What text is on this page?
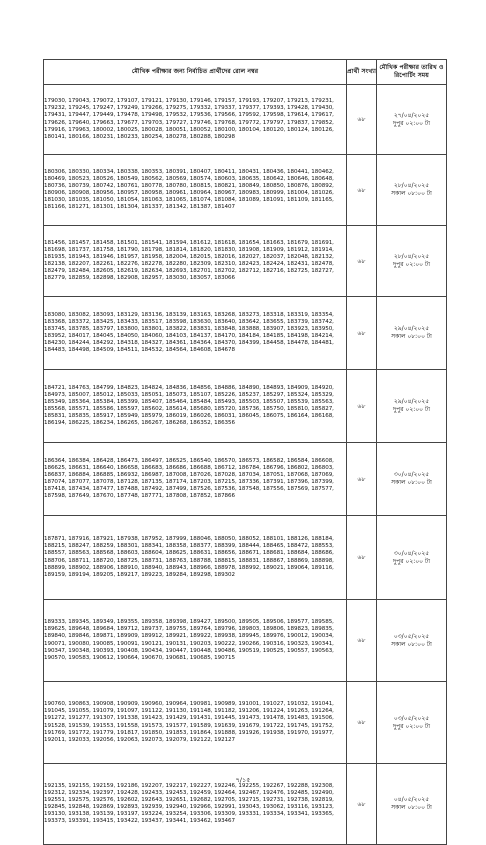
মৌখিক পরীক্ষার জন্য নির্বাচিত প্রার্থীদের রোল নম্বর	প্রার্থী সংখ্যা	মৌখিক পরীক্ষার তারিখ ও রিপোর্টিং সময়
179030, 179043, 179072, 179107, 179121, 179130, 179146, 179157, 179193, 179207, 179213, 179231, 179232, 179245, 179247, 179249, 179266, 179275, 179332, 179337, 179377, 179393, 179428, 179430, 179431, 179447, 179449, 179478, 179498, 179532, 179536, 179566, 179592, 179598, 179614, 179617, 179626, 179640, 179663, 179677, 179703, 179727, 179746, 179768, 179772, 179797, 179837, 179852, 179916, 179963, 180002, 180025, 180028, 180051, 180052, 180100, 180104, 180120, 180124, 180126, 180141, 180166, 180231, 180233, 180254, 180278, 180288, 180298	৬৮	২৭/০৪/২০২৫
দুপুর ০২:০০ টা

180306, 180330, 180334, 180338, 180353, 180391, 180407, 180411, 180431, 180436, 180441, 180462, 180469, 180523, 180526, 180549, 180562, 180569, 180574, 180603, 180635, 180642, 180646, 180648, 180736, 180739, 180742, 180761, 180778, 180780, 180815, 180821, 180849, 180850, 180876, 180892, 180906, 180908, 180956, 180957, 180958, 180961, 180964, 180967, 180983, 180999, 181004, 181026, 181030, 181035, 181050, 181054, 181063, 181065, 181074, 181084, 181089, 181091, 181109, 181165, 181166, 181271, 181301, 181304, 181337, 181342, 181387, 181407	৬৮	২৮/০৪/২০২৫
সকাল ০৮:০০ টা

181456, 181457, 181458, 181501, 181541, 181594, 181612, 181618, 181654, 181663, 181679, 181691, 181698, 181737, 181758, 181790, 181798, 181814, 181820, 181830, 181908, 181909, 181912, 181914, 181935, 181943, 181946, 181957, 181958, 182004, 182015, 182016, 182027, 182037, 182048, 182132, 182138, 182207, 182261, 182276, 182278, 182280, 182309, 182310, 182423, 182424, 182431, 182478, 182479, 182484, 182605, 182619, 182634, 182693, 182701, 182702, 182712, 182716, 182725, 182727, 182779, 182859, 182898, 182908, 182957, 183030, 183057, 183066	৬৮	২৮/০৪/২০২৫
দুপুর ০২:০০ টা

183080, 183082, 183093, 183129, 183136, 183139, 183163, 183268, 183273, 183318, 183319, 183354, 183368, 183372, 183425, 183433, 183517, 183598, 183630, 183640, 183642, 183655, 183739, 183742, 183745, 183785, 183797, 183800, 183801, 183822, 183831, 183848, 183888, 183907, 183923, 183950, 183952, 184017, 184045, 184050, 184060, 184103, 184137, 184170, 184184, 184185, 184198, 184214, 184230, 184244, 184292, 184318, 184327, 184361, 184364, 184370, 184399, 184458, 184478, 184481, 184483, 184498, 184509, 184511, 184532, 184564, 184608, 184678	৬৮	২৯/০৪/২০২৫
সকাল ০৮:০০ টা

184721, 184763, 184799, 184823, 184824, 184836, 184856, 184886, 184890, 184893, 184909, 184920, 184973, 185007, 185012, 185033, 185051, 185073, 185107, 185226, 185237, 185297, 185324, 185329, 185349, 185364, 185384, 185399, 185407, 185464, 185484, 185493, 185503, 185507, 185539, 185563, 185568, 185571, 185586, 185597, 185602, 185614, 185680, 185720, 185736, 185750, 185810, 185827, 185831, 185835, 185917, 185949, 185979, 186019, 186026, 186031, 186045, 186075, 186164, 186168, 186194, 186225, 186234, 186265, 186267, 186268, 186352, 186356	৬৮	২৯/০৪/২০২৫
দুপুর ০২:০০ টা

186364, 186384, 186428, 186473, 186497, 186525, 186540, 186570, 186573, 186582, 186584, 186608, 186625, 186631, 186640, 186658, 186683, 186686, 186688, 186712, 186784, 186796, 186802, 186803, 186837, 186884, 186885, 186932, 186987, 187008, 187026, 187028, 187034, 187051, 187068, 187069, 187074, 187077, 187078, 187128, 187135, 187174, 187203, 187215, 187336, 187391, 187396, 187399, 187418, 187434, 187477, 187488, 187492, 187499, 187526, 187536, 187548, 187556, 187569, 187577, 187598, 187649, 187670, 187748, 187771, 187808, 187852, 187866	৬৮	৩০/০৪/২০২৫
সকাল ০৮:০০ টা

187871, 187916, 187921, 187938, 187952, 187999, 188046, 188050, 188052, 188101, 188126, 188184, 188215, 188247, 188259, 188301, 188341, 188358, 188377, 188399, 188444, 188465, 188472, 188553, 188557, 188563, 188568, 188603, 188604, 188625, 188631, 188656, 188671, 188681, 188684, 188686, 188706, 188711, 188720, 188725, 188731, 188763, 188788, 188815, 188831, 188867, 188869, 188898, 188899, 188902, 188906, 188910, 188940, 188943, 188966, 188978, 188992, 189021, 189064, 189116, 189159, 189194, 189205, 189217, 189223, 189284, 189298, 189302	৬৮	৩০/০৪/২০২৫
দুপুর ০২:০০ টা

189333, 189345, 189349, 189355, 189358, 189398, 189427, 189500, 189505, 189506, 189577, 189585, 189625, 189648, 189684, 189712, 189737, 189755, 189764, 189796, 189803, 189806, 189823, 189835, 189840, 189846, 189871, 189909, 189912, 189921, 189922, 189938, 189945, 189976, 190012, 190034, 190071, 190080, 190085, 190091, 190121, 190131, 190203, 190222, 190266, 190316, 190323, 190341, 190347, 190348, 190393, 190408, 190434, 190447, 190448, 190486, 190519, 190525, 190557, 190563, 190570, 190583, 190612, 190664, 190670, 190681, 190685, 190715	৬৮	০৩/০৫/২০২৫
সকাল ০৮:০০ টা

190760, 190863, 190908, 190909, 190960, 190964, 190981, 190989, 191001, 191027, 191032, 191041, 191045, 191055, 191079, 191097, 191122, 191130, 191148, 191182, 191206, 191224, 191263, 191264, 191272, 191277, 191307, 191338, 191423, 191429, 191431, 191445, 191473, 191478, 191483, 191506, 191528, 191539, 191553, 191558, 191573, 191577, 191589, 191639, 191679, 191722, 191745, 191752, 191769, 191772, 191779, 191817, 191850, 191853, 191864, 191888, 191926, 191938, 191970, 191977, 192011, 192033, 192056, 192063, 192073, 192079, 192122, 192127	৬৮	০৩/০৫/২০২৫
দুপুর ০২:০০ টা

192135, 192155, 192159, 192186, 192207, 192217, 192227, 192246, 192255, 192267, 192288, 192308, 192312, 192334, 192397, 192428, 192433, 192453, 192459, 192464, 192467, 192476, 192485, 192490, 192551, 192575, 192576, 192602, 192643, 192651, 192682, 192705, 192715, 192731, 192738, 192819, 192845, 192848, 192869, 192893, 192939, 192940, 192966, 192991, 193043, 193062, 193116, 193123, 193130, 193138, 193139, 193197, 193224, 193254, 193306, 193309, 193331, 193334, 193341, 193365, 193373, 193391, 193415, 193422, 193437, 193441, 193462, 193467	৬৮	০৪/০৫/২০২৫
সকাল ০৮:০০ টা
৭/১৫
